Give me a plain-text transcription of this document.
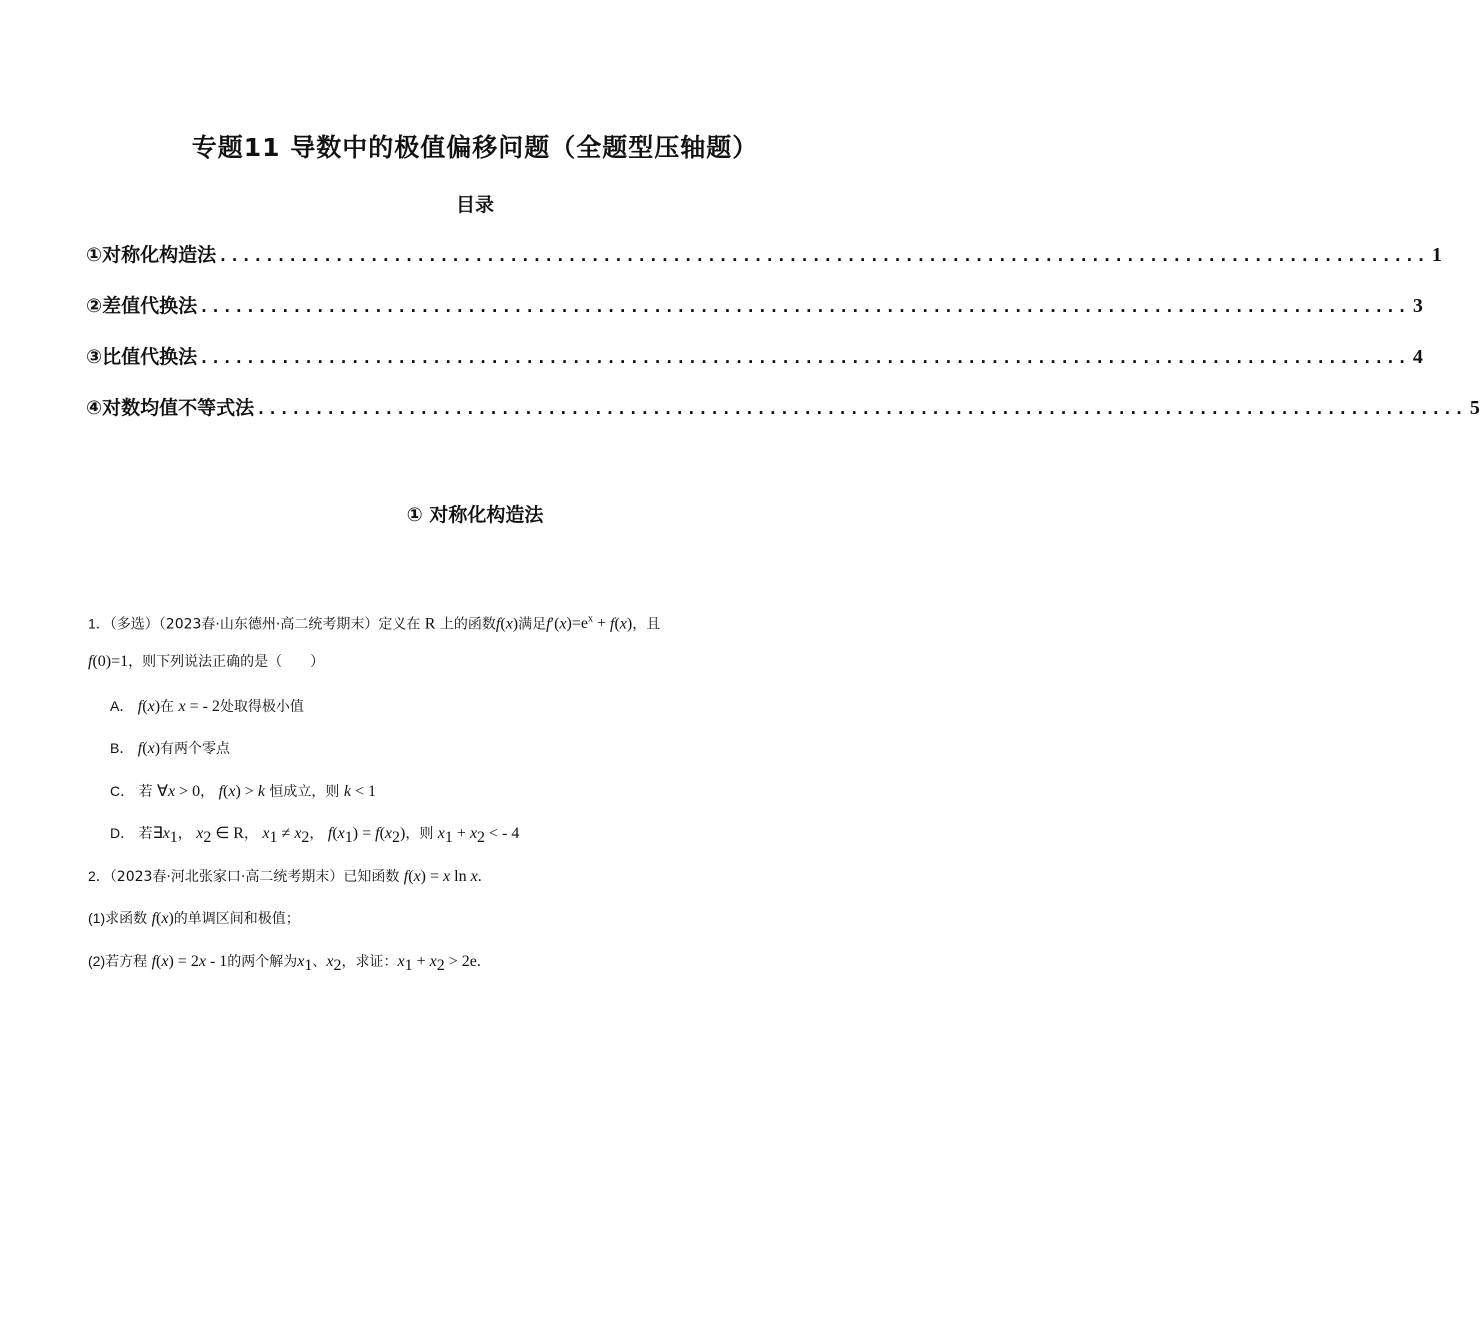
专题11 导数中的极值偏移问题（全题型压轴题）
目录
①对称化构造法 ........................................................................................................ 1
②差值代换法 ........................................................................................................ 3
③比值代换法 ........................................................................................................ 4
④对数均值不等式法 ........................................................................................................ 5
① 对称化构造法
1．（多选）（2023春·山东德州·高二统考期末）定义在 R 上的函数f(x)满足$f'(x)=e^x + f(x)$，且
f(0)=1，则下列说法正确的是（　　）
A． f(x)在 x = - 2处取得极小值
B． f(x)有两个零点
C． 若 ∀x > 0， f(x) > k 恒成立，则 k < 1
D． 若$\exists x_1$， $x_2$ ∈ R， $x_1 \ne x_2$， $f(x_1) = f(x_2)$，则 $x_1 + x_2$ < - 4
2．（2023春·河北张家口·高二统考期末）已知函数 f(x) = x ln x.
(1)求函数 f(x)的单调区间和极值；
(2)若方程 f(x) = 2x - 1的两个解为$x_1$、$x_2$，求证：$x_1 + x_2 > 2e$.
